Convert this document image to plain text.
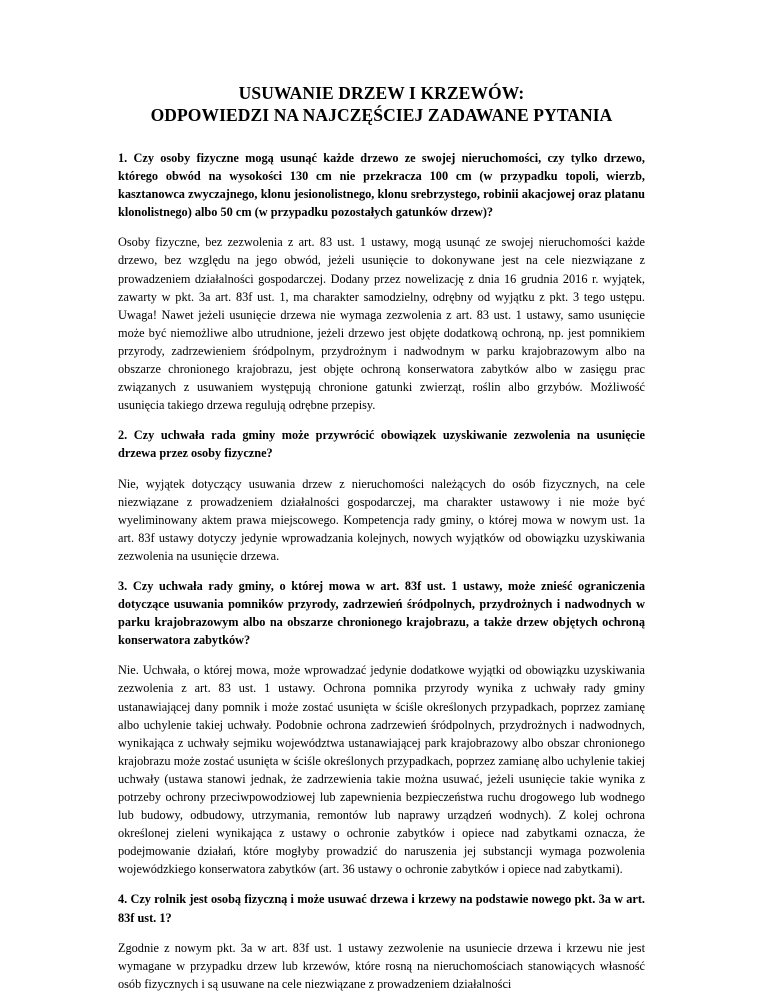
USUWANIE DRZEW I KRZEWÓW:
ODPOWIEDZI NA NAJCZĘŚCIEJ ZADAWANE PYTANIA
1. Czy osoby fizyczne mogą usunąć każde drzewo ze swojej nieruchomości, czy tylko drzewo, którego obwód na wysokości 130 cm nie przekracza 100 cm (w przypadku topoli, wierzb, kasztanowca zwyczajnego, klonu jesionolistnego, klonu srebrzystego, robinii akacjowej oraz platanu klonolistnego) albo 50 cm (w przypadku pozostałych gatunków drzew)?
Osoby fizyczne, bez zezwolenia z art. 83 ust. 1 ustawy, mogą usunąć ze swojej nieruchomości każde drzewo, bez względu na jego obwód, jeżeli usunięcie to dokonywane jest na cele niezwiązane z prowadzeniem działalności gospodarczej. Dodany przez nowelizację z dnia 16 grudnia 2016 r. wyjątek, zawarty w pkt. 3a art. 83f ust. 1, ma charakter samodzielny, odrębny od wyjątku z pkt. 3 tego ustępu. Uwaga! Nawet jeżeli usunięcie drzewa nie wymaga zezwolenia z art. 83 ust. 1 ustawy, samo usunięcie może być niemożliwe albo utrudnione, jeżeli drzewo jest objęte dodatkową ochroną, np. jest pomnikiem przyrody, zadrzewieniem śródpolnym, przydrożnym i nadwodnym w parku krajobrazowym albo na obszarze chronionego krajobrazu, jest objęte ochroną konserwatora zabytków albo w zasięgu prac związanych z usuwaniem występują chronione gatunki zwierząt, roślin albo grzybów. Możliwość usunięcia takiego drzewa regulują odrębne przepisy.
2. Czy uchwała rada gminy może przywrócić obowiązek uzyskiwanie zezwolenia na usunięcie drzewa przez osoby fizyczne?
Nie, wyjątek dotyczący usuwania drzew z nieruchomości należących do osób fizycznych, na cele niezwiązane z prowadzeniem działalności gospodarczej, ma charakter ustawowy i nie może być wyeliminowany aktem prawa miejscowego. Kompetencja rady gminy, o której mowa w nowym ust. 1a art. 83f ustawy dotyczy jedynie wprowadzania kolejnych, nowych wyjątków od obowiązku uzyskiwania zezwolenia na usunięcie drzewa.
3. Czy uchwała rady gminy, o której mowa w art. 83f ust. 1 ustawy, może znieść ograniczenia dotyczące usuwania pomników przyrody, zadrzewień śródpolnych, przydrożnych i nadwodnych w parku krajobrazowym albo na obszarze chronionego krajobrazu, a także drzew objętych ochroną konserwatora zabytków?
Nie. Uchwała, o której mowa, może wprowadzać jedynie dodatkowe wyjątki od obowiązku uzyskiwania zezwolenia z art. 83 ust. 1 ustawy. Ochrona pomnika przyrody wynika z uchwały rady gminy ustanawiającej dany pomnik i może zostać usunięta w ściśle określonych przypadkach, poprzez zamianę albo uchylenie takiej uchwały. Podobnie ochrona zadrzewień śródpolnych, przydrożnych i nadwodnych, wynikająca z uchwały sejmiku województwa ustanawiającej park krajobrazowy albo obszar chronionego krajobrazu może zostać usunięta w ściśle określonych przypadkach, poprzez zamianę albo uchylenie takiej uchwały (ustawa stanowi jednak, że zadrzewienia takie można usuwać, jeżeli usunięcie takie wynika z potrzeby ochrony przeciwpowodziowej lub zapewnienia bezpieczeństwa ruchu drogowego lub wodnego lub budowy, odbudowy, utrzymania, remontów lub naprawy urządzeń wodnych). Z kolej ochrona określonej zieleni wynikająca z ustawy o ochronie zabytków i opiece nad zabytkami oznacza, że podejmowanie działań, które mogłyby prowadzić do naruszenia jej substancji wymaga pozwolenia wojewódzkiego konserwatora zabytków (art. 36 ustawy o ochronie zabytków i opiece nad zabytkami).
4. Czy rolnik jest osobą fizyczną i może usuwać drzewa i krzewy na podstawie nowego pkt. 3a w art. 83f ust. 1?
Zgodnie z nowym pkt. 3a w art. 83f ust. 1 ustawy zezwolenie na usuniecie drzewa i krzewu nie jest wymagane w przypadku drzew lub krzewów, które rosną na nieruchomościach stanowiących własność osób fizycznych i są usuwane na cele niezwiązane z prowadzeniem działalności
